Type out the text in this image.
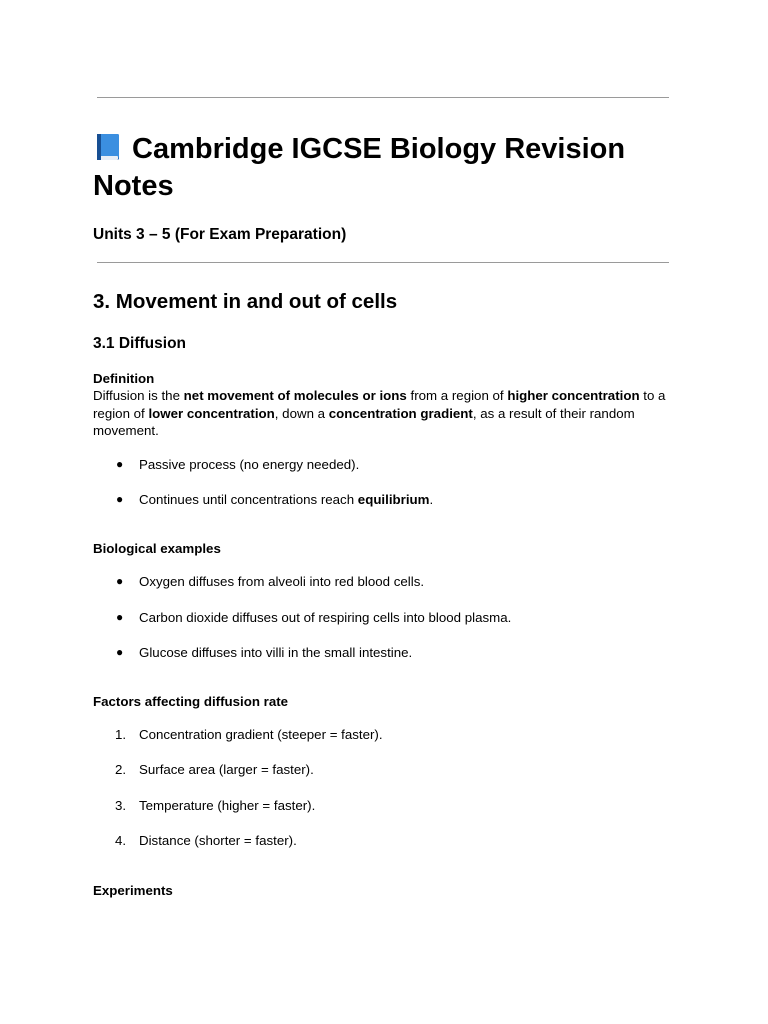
Cambridge IGCSE Biology Revision Notes
Units 3 – 5 (For Exam Preparation)
3. Movement in and out of cells
3.1 Diffusion
Definition

Diffusion is the net movement of molecules or ions from a region of higher concentration to a region of lower concentration, down a concentration gradient, as a result of their random movement.

●	Passive process (no energy needed).
●	Continues until concentrations reach equilibrium.
Biological examples
●	Oxygen diffuses from alveoli into red blood cells.
●	Carbon dioxide diffuses out of respiring cells into blood plasma.
●	Glucose diffuses into villi in the small intestine.
Factors affecting diffusion rate
1. Concentration gradient (steeper = faster).
2. Surface area (larger = faster).
3. Temperature (higher = faster).
4. Distance (shorter = faster).
Experiments
